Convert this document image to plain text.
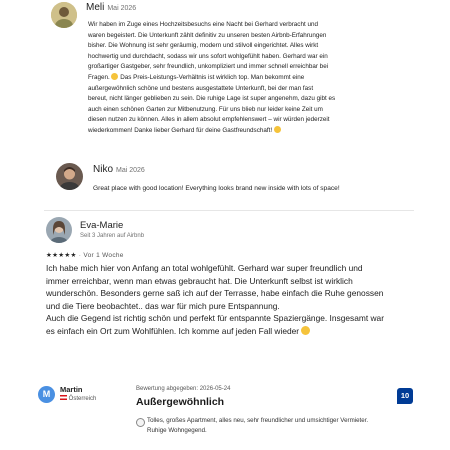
Meli Mai 2026
Wir haben im Zuge eines Hochzeitsbesuchs eine Nacht bei Gerhard verbracht und
waren begeistert. Die Unterkunft zählt definitiv zu unseren besten Airbnb-Erfahrungen
bisher. Die Wohnung ist sehr geräumig, modern und stilvoll eingerichtet. Alles wirkt
hochwertig und durchdacht, sodass wir uns sofort wohlgefühlt haben. Gerhard war ein
großartiger Gastgeber, sehr freundlich, unkompliziert und immer schnell erreichbar bei
Fragen. Das Preis-Leistungs-Verhältnis ist wirklich top. Man bekommt eine
außergewöhnlich schöne und bestens ausgestattete Unterkunft, bei der man fast
bereut, nicht länger geblieben zu sein. Die ruhige Lage ist super angenehm, dazu gibt es
auch einen schönen Garten zur Mitbenutzung. Für uns blieb nur leider keine Zeit um
diesen nutzen zu können. Alles in allem absolut empfehlenswert – wir würden jederzeit
wiederkommen! Danke lieber Gerhard für deine Gastfreundschaft!
Niko Mai 2026
Great place with good location! Everything looks brand new inside with lots of space!
Eva-Marie
Seit 3 Jahren auf Airbnb
★★★★★ · Vor 1 Woche
Ich habe mich hier von Anfang an total wohlgefühlt. Gerhard war super freundlich und
immer erreichbar, wenn man etwas gebraucht hat. Die Unterkunft selbst ist wirklich
wunderschön. Besonders gerne saß ich auf der Terrasse, habe einfach die Ruhe genossen
und die Tiere beobachtet.. das war für mich pure Entspannung.
Auch die Gegend ist richtig schön und perfekt für entspannte Spaziergänge. Insgesamt war
es einfach ein Ort zum Wohlfühlen. Ich komme auf jeden Fall wieder
M	Martin
Österreich
Bewertung abgegeben: 2026-05-24
Außergewöhnlich
10
Tolles, großes Apartment, alles neu, sehr freundlicher und umsichtiger Vermieter.
Ruhige Wohngegend.
